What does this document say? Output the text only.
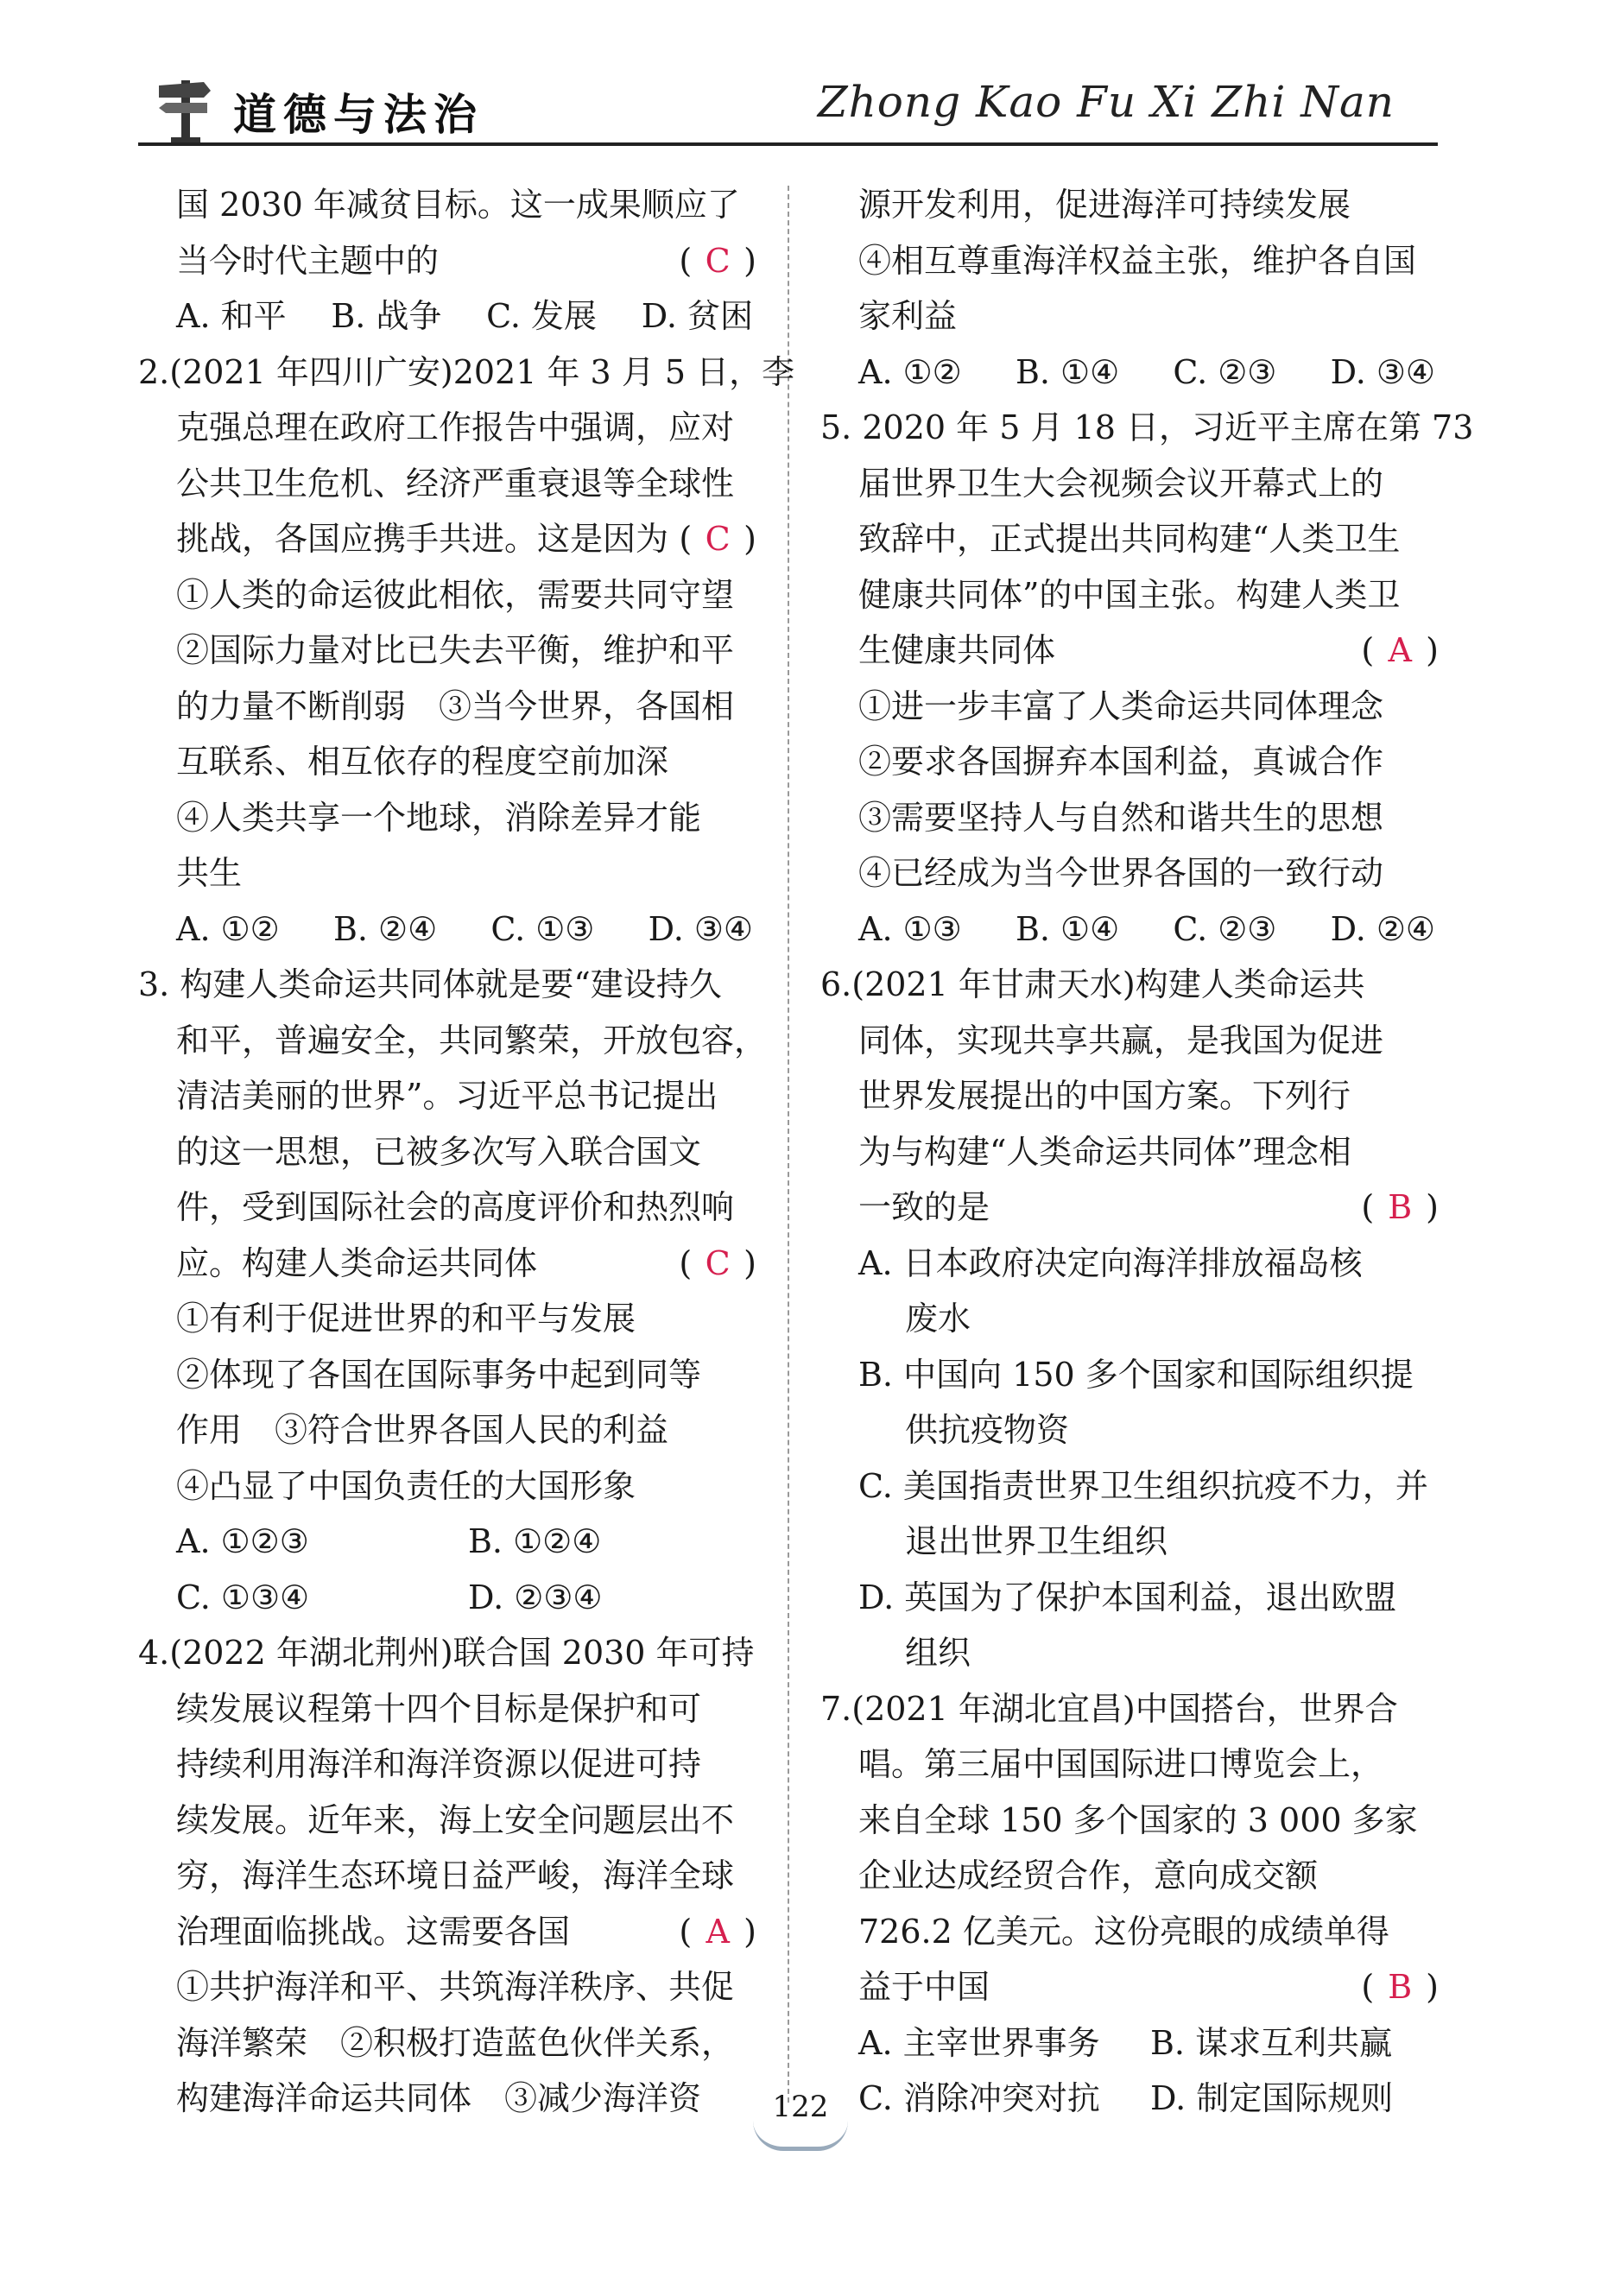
道德与法治	Zhong Kao Fu Xi Zhi Nan
国 2030 年减贫目标。这一成果顺应了
当今时代主题中的	( C )
A. 和平 B. 战争 C. 发展 D. 贫困
2.(2021 年四川广安)2021 年 3 月 5 日，李
克强总理在政府工作报告中强调，应对
公共卫生危机、经济严重衰退等全球性
挑战，各国应携手共进。这是因为 ( C )
①人类的命运彼此相依，需要共同守望
②国际力量对比已失去平衡，维护和平
的力量不断削弱　③当今世界，各国相
互联系、相互依存的程度空前加深
④人类共享一个地球，消除差异才能
共生
A. ①② B. ②④ C. ①③ D. ③④
3. 构建人类命运共同体就是要“建设持久
和平，普遍安全，共同繁荣，开放包容，
清洁美丽的世界”。习近平总书记提出
的这一思想，已被多次写入联合国文
件，受到国际社会的高度评价和热烈响
应。构建人类命运共同体	( C )
①有利于促进世界的和平与发展
②体现了各国在国际事务中起到同等
作用　③符合世界各国人民的利益
④凸显了中国负责任的大国形象
A. ①②③	B. ①②④
C. ①③④	D. ②③④
4.(2022 年湖北荆州)联合国 2030 年可持
续发展议程第十四个目标是保护和可
持续利用海洋和海洋资源以促进可持
续发展。近年来，海上安全问题层出不
穷，海洋生态环境日益严峻，海洋全球
治理面临挑战。这需要各国	( A )
①共护海洋和平、共筑海洋秩序、共促
海洋繁荣　②积极打造蓝色伙伴关系，
构建海洋命运共同体　③减少海洋资
源开发利用，促进海洋可持续发展
④相互尊重海洋权益主张，维护各自国
家利益
A. ①② B. ①④ C. ②③ D. ③④
5. 2020 年 5 月 18 日，习近平主席在第 73
届世界卫生大会视频会议开幕式上的
致辞中，正式提出共同构建“人类卫生
健康共同体”的中国主张。构建人类卫
生健康共同体	( A )
①进一步丰富了人类命运共同体理念
②要求各国摒弃本国利益，真诚合作
③需要坚持人与自然和谐共生的思想
④已经成为当今世界各国的一致行动
A. ①③ B. ①④ C. ②③ D. ②④
6.(2021 年甘肃天水)构建人类命运共
同体，实现共享共赢，是我国为促进
世界发展提出的中国方案。下列行
为与构建“人类命运共同体”理念相
一致的是	( B )
A. 日本政府决定向海洋排放福岛核
废水
B. 中国向 150 多个国家和国际组织提
供抗疫物资
C. 美国指责世界卫生组织抗疫不力，并
退出世界卫生组织
D. 英国为了保护本国利益，退出欧盟
组织
7.(2021 年湖北宜昌)中国搭台，世界合
唱。第三届中国国际进口博览会上，
来自全球 150 多个国家的 3 000 多家
企业达成经贸合作，意向成交额
726.2 亿美元。这份亮眼的成绩单得
益于中国	( B )
A. 主宰世界事务	B. 谋求互利共赢
C. 消除冲突对抗	D. 制定国际规则
122
